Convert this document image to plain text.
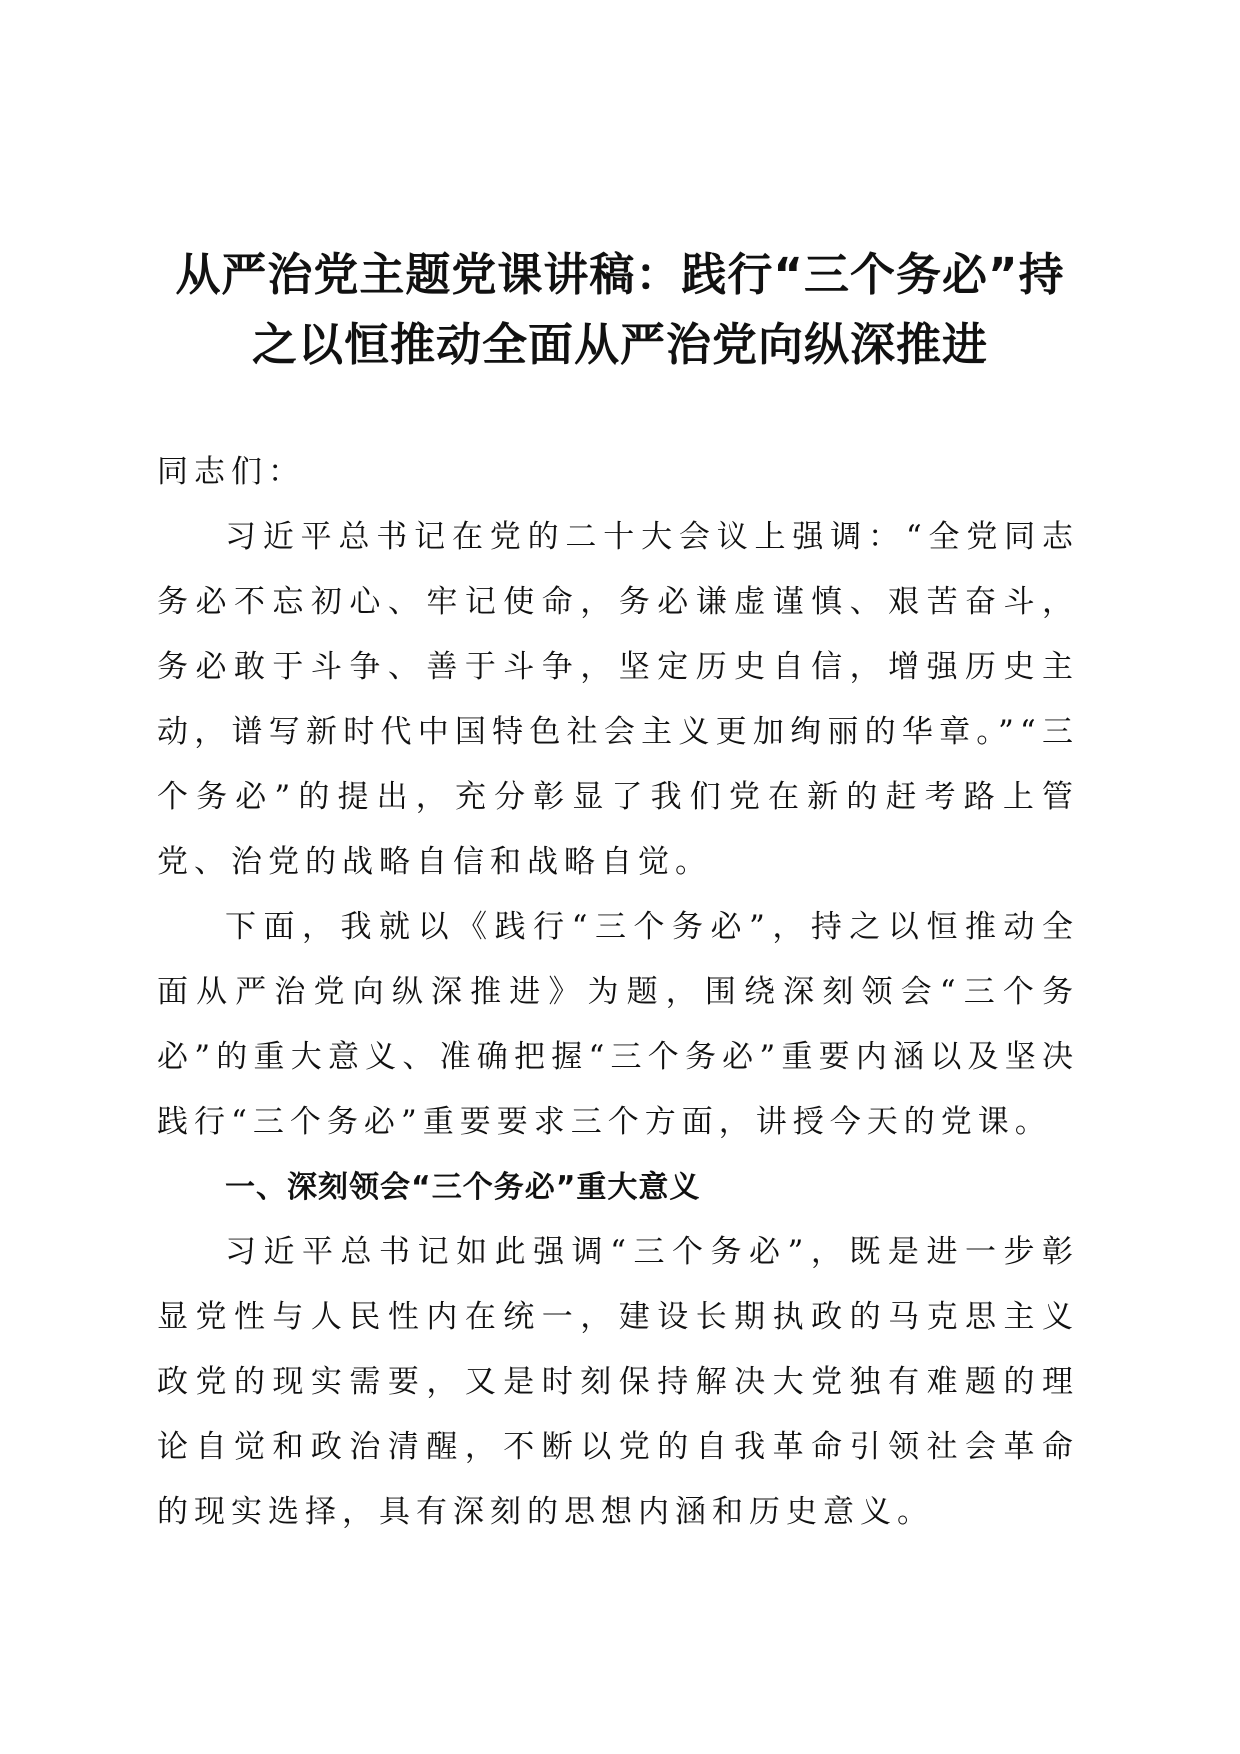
从严治党主题党课讲稿：践行“三个务必”持
之以恒推动全面从严治党向纵深推进

同志们：

习近平总书记在党的二十大会议上强调：“全党同志务必不忘初心、牢记使命，务必谦虚谨慎、艰苦奋斗，务必敢于斗争、善于斗争，坚定历史自信，增强历史主动，谱写新时代中国特色社会主义更加绚丽的华章。”“三个务必”的提出，充分彰显了我们党在新的赶考路上管党、治党的战略自信和战略自觉。

下面，我就以《践行“三个务必”，持之以恒推动全面从严治党向纵深推进》为题，围绕深刻领会“三个务必”的重大意义、准确把握“三个务必”重要内涵以及坚决践行“三个务必”重要要求三个方面，讲授今天的党课。

一、深刻领会“三个务必”重大意义

习近平总书记如此强调“三个务必”，既是进一步彰显党性与人民性内在统一，建设长期执政的马克思主义政党的现实需要，又是时刻保持解决大党独有难题的理论自觉和政治清醒，不断以党的自我革命引领社会革命的现实选择，具有深刻的思想内涵和历史意义。
